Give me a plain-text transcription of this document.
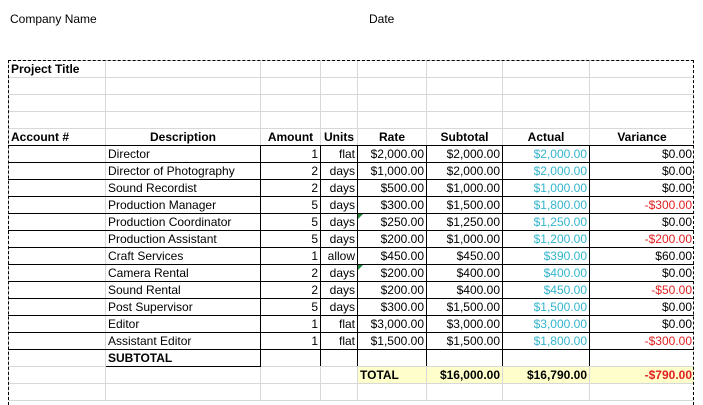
Company Name	Date
Project Title							

Account #	Description	Amount	Units	Rate	Subtotal	Actual	Variance
	Director	1	flat	$2,000.00	$2,000.00	$2,000.00	$0.00
	Director of Photography	2	days	$1,000.00	$2,000.00	$2,000.00	$0.00
	Sound Recordist	2	days	$500.00	$1,000.00	$1,000.00	$0.00
	Production Manager	5	days	$300.00	$1,500.00	$1,800.00	-$300.00
	Production Coordinator	5	days	$250.00	$1,250.00	$1,250.00	$0.00
	Production Assistant	5	days	$200.00	$1,000.00	$1,200.00	-$200.00
	Craft Services	1	allow	$450.00	$450.00	$390.00	$60.00
	Camera Rental	2	days	$200.00	$400.00	$400.00	$0.00
	Sound Rental	2	days	$200.00	$400.00	$450.00	-$50.00
	Post Supervisor	5	days	$300.00	$1,500.00	$1,500.00	$0.00
	Editor	1	flat	$3,000.00	$3,000.00	$3,000.00	$0.00
	Assistant Editor	1	flat	$1,500.00	$1,500.00	$1,800.00	-$300.00
	SUBTOTAL						
				TOTAL	$16,000.00	$16,790.00	-$790.00
